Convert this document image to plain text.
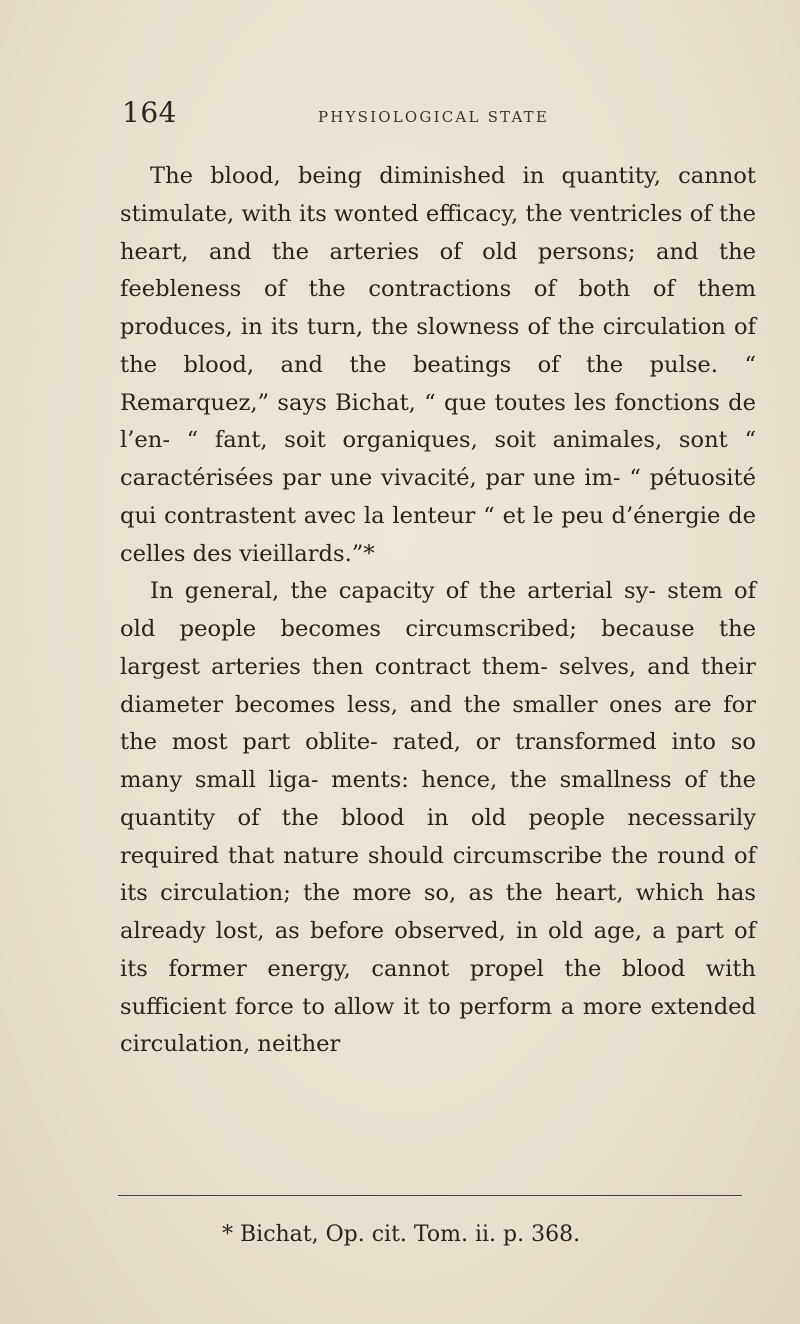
164	PHYSIOLOGICAL STATE

The blood, being diminished in quantity, cannot stimulate, with its wonted efficacy, the ventricles of the heart, and the arteries of old persons; and the feebleness of the contractions of both of them produces, in its turn, the slowness of the circulation of the blood, and the beatings of the pulse. “ Remarquez,” says Bichat, “ que toutes les fonctions de l’en- “ fant, soit organiques, soit animales, sont “ caractérisées par une vivacité, par une im- “ pétuosité qui contrastent avec la lenteur “ et le peu d’énergie de celles des vieillards.”*

In general, the capacity of the arterial sy- stem of old people becomes circumscribed; because the largest arteries then contract them- selves, and their diameter becomes less, and the smaller ones are for the most part oblite- rated, or transformed into so many small liga- ments: hence, the smallness of the quantity of the blood in old people necessarily required that nature should circumscribe the round of its circulation; the more so, as the heart, which has already lost, as before observed, in old age, a part of its former energy, cannot propel the blood with sufficient force to allow it to perform a more extended circulation, neither

* Bichat, Op. cit. Tom. ii. p. 368.
